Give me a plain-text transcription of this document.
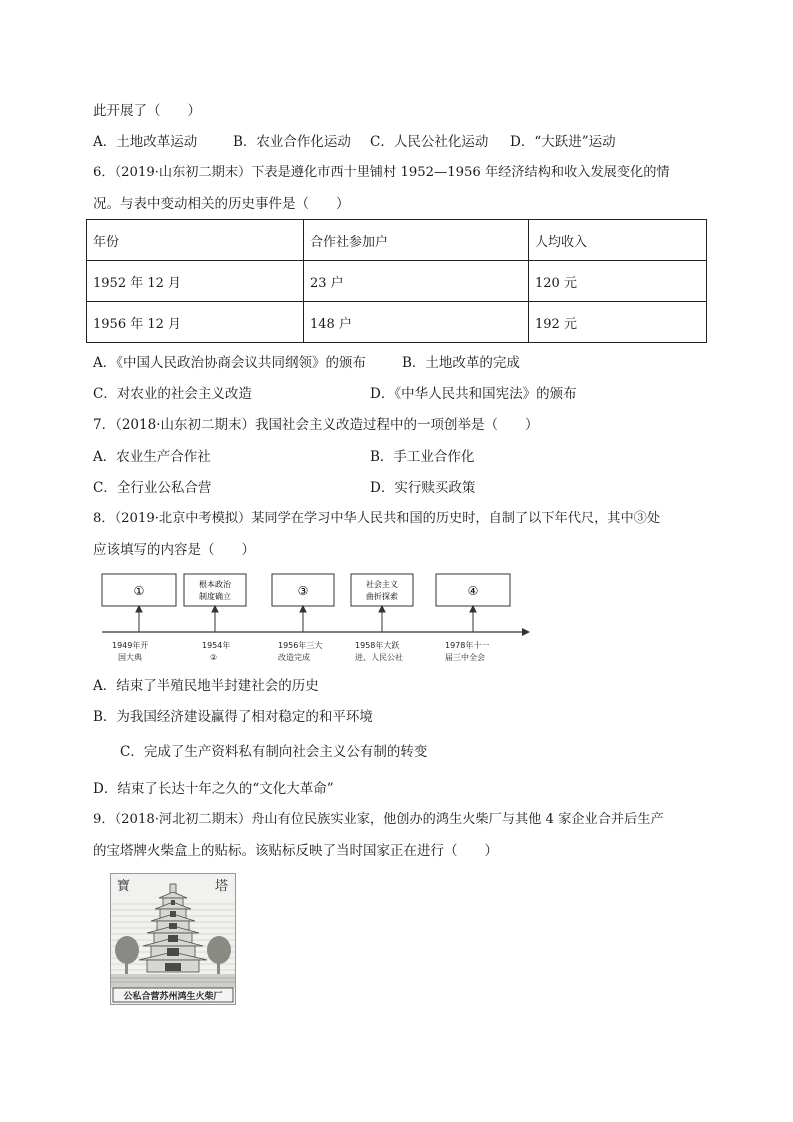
此开展了（　　）
A．土地改革运动	B．农业合作化运动 C．人民公社化运动 D．“大跃进”运动
6．（2019·山东初二期末）下表是遵化市西十里铺村 1952—1956 年经济结构和收入发展变化的情
况。与表中变动相关的历史事件是（　　）
年份	合作社参加户	人均收入
1952 年 12 月	23 户	120 元
1956 年 12 月	148 户	192 元
A．《中国人民政治协商会议共同纲领》的颁布	B．土地改革的完成
C．对农业的社会主义改造	D．《中华人民共和国宪法》的颁布
7．（2018·山东初二期末）我国社会主义改造过程中的一项创举是（　　）
A．农业生产合作社	B．手工业合作化
C．全行业公私合营	D．实行赎买政策
8．（2019·北京中考模拟）某同学在学习中华人民共和国的历史时，自制了以下年代尺，其中③处
应该填写的内容是（　　）
①	根本政治
制度确立	③	社会主义
曲折探索	④
1949年开
国大典
1954年
②
1956年三大
改造完成
1958年大跃
进、人民公社
1978年十一
届三中全会
A．结束了半殖民地半封建社会的历史
B．为我国经济建设赢得了相对稳定的和平环境
C．完成了生产资料私有制向社会主义公有制的转变
D．结束了长达十年之久的“文化大革命”
9．（2018·河北初二期末）舟山有位民族实业家，他创办的鸿生火柴厂与其他 4 家企业合并后生产
的宝塔牌火柴盒上的贴标。该贴标反映了当时国家正在进行（　　）
寶	塔
公私合营苏州鸿生火柴厂
